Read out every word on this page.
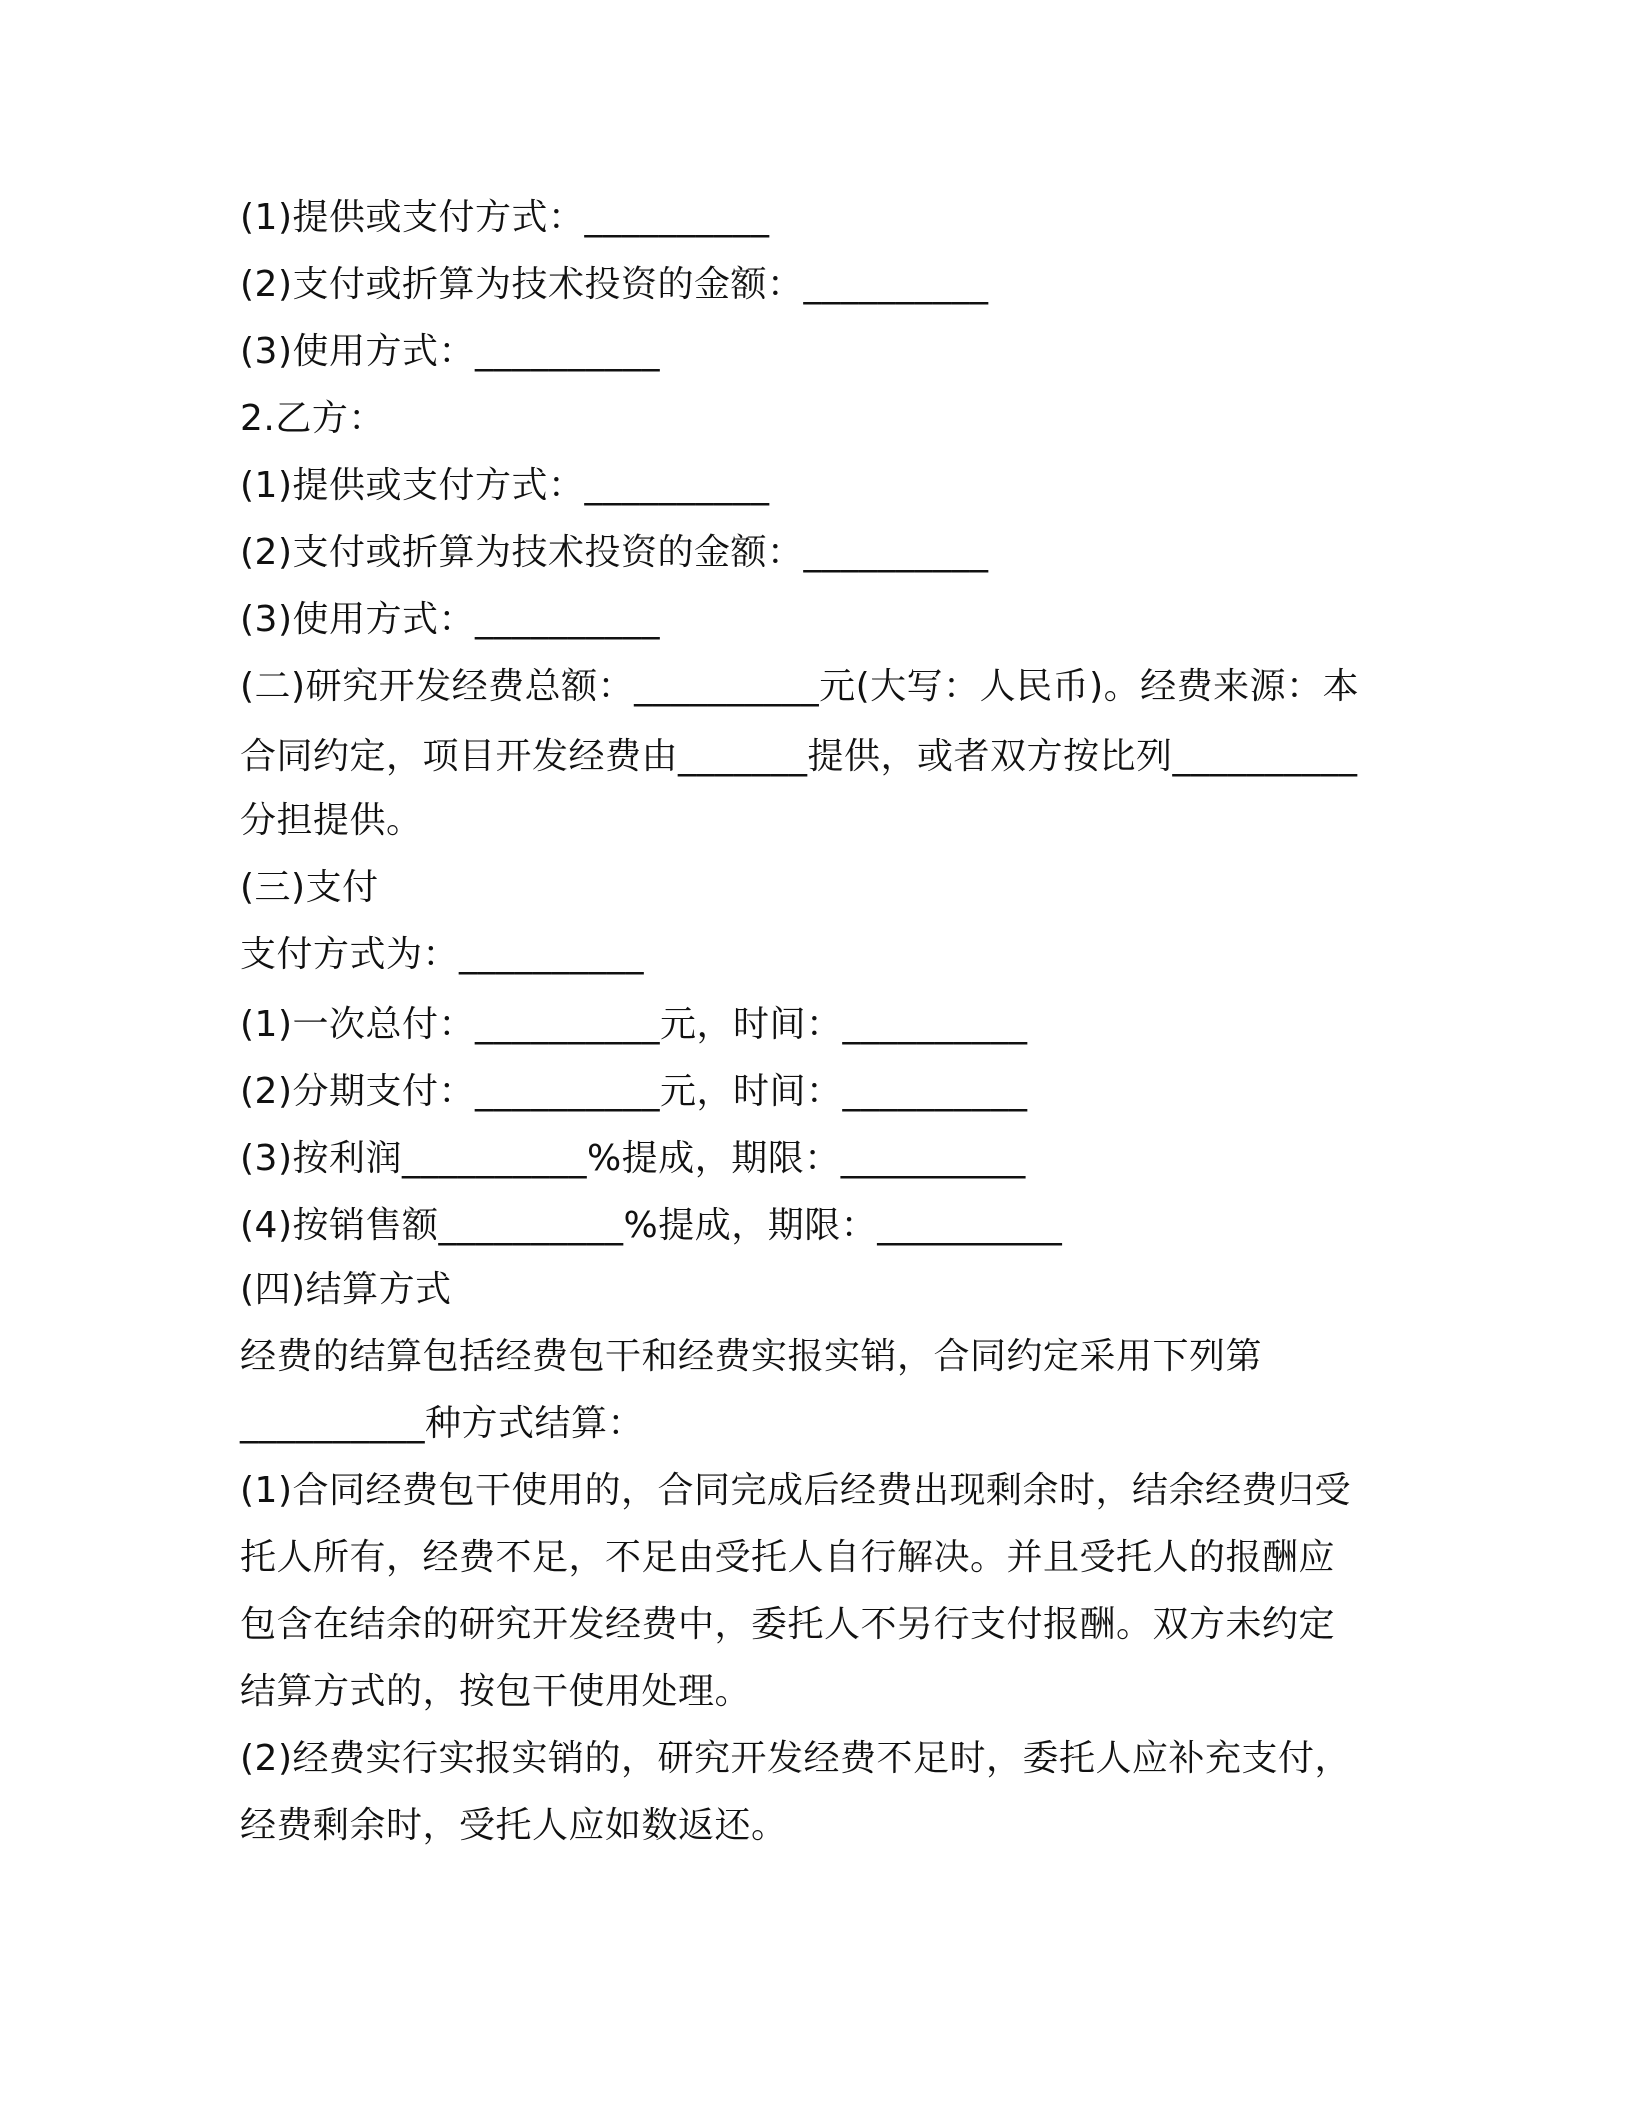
(1)提供或支付方式：__________
(2)支付或折算为技术投资的金额：__________
(3)使用方式：__________
2.乙方：
(1)提供或支付方式：__________
(2)支付或折算为技术投资的金额：__________
(3)使用方式：__________
(二)研究开发经费总额：__________元(大写：人民币)。经费来源：本
合同约定，项目开发经费由_______提供，或者双方按比列__________
分担提供。
(三)支付
支付方式为：__________
(1)一次总付：__________元，时间：__________
(2)分期支付：__________元，时间：__________
(3)按利润__________%提成，期限：__________
(4)按销售额__________%提成，期限：__________
(四)结算方式
经费的结算包括经费包干和经费实报实销，合同约定采用下列第
__________种方式结算：
(1)合同经费包干使用的，合同完成后经费出现剩余时，结余经费归受
托人所有，经费不足，不足由受托人自行解决。并且受托人的报酬应
包含在结余的研究开发经费中，委托人不另行支付报酬。双方未约定
结算方式的，按包干使用处理。
(2)经费实行实报实销的，研究开发经费不足时，委托人应补充支付，
经费剩余时，受托人应如数返还。
